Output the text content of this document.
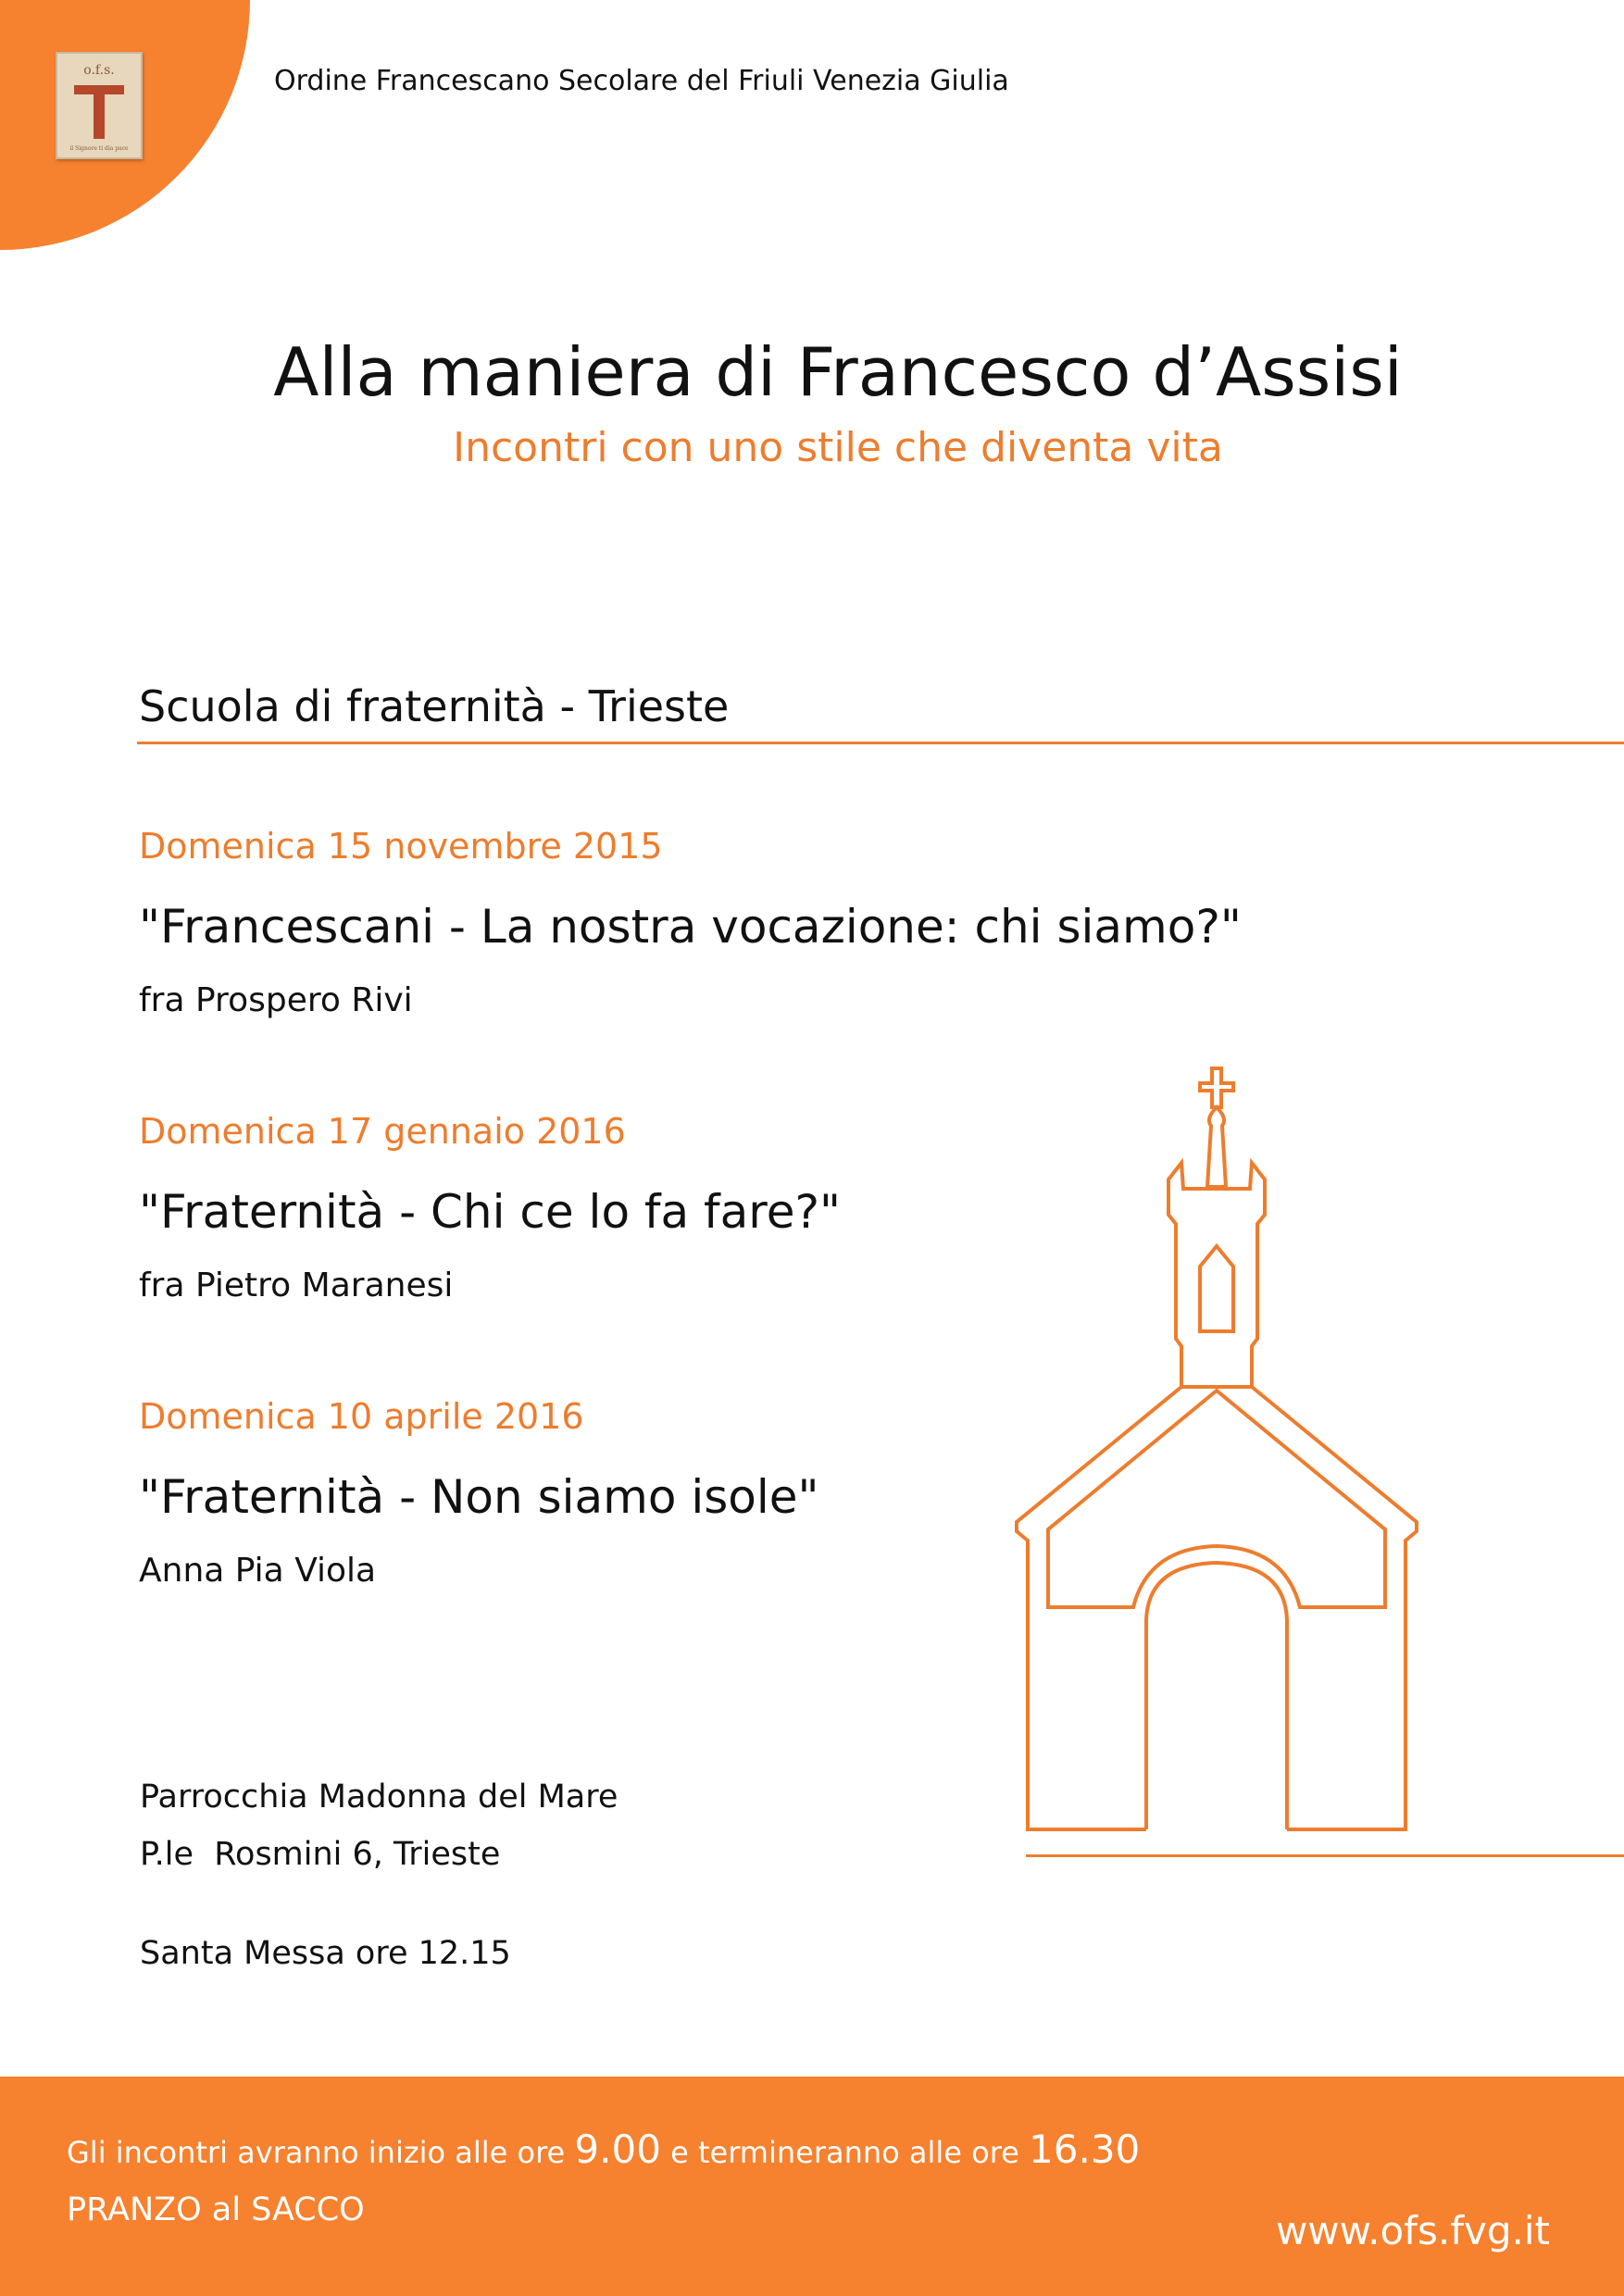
o.f.s.
il Signore ti dia pace
Ordine Francescano Secolare del Friuli Venezia Giulia
Alla maniera di Francesco d’Assisi
Incontri con uno stile che diventa vita
Scuola di fraternità - Trieste
Domenica 15 novembre 2015
"Francescani - La nostra vocazione: chi siamo?"
fra Prospero Rivi
Domenica 17 gennaio 2016
"Fraternità - Chi ce lo fa fare?"
fra Pietro Maranesi
Domenica 10 aprile 2016
"Fraternità - Non siamo isole"
Anna Pia Viola
Parrocchia Madonna del Mare
P.le  Rosmini 6, Trieste
Santa Messa ore 12.15
Gli incontri avranno inizio alle ore 9.00 e termineranno alle ore 16.30
PRANZO al SACCO	www.ofs.fvg.it
